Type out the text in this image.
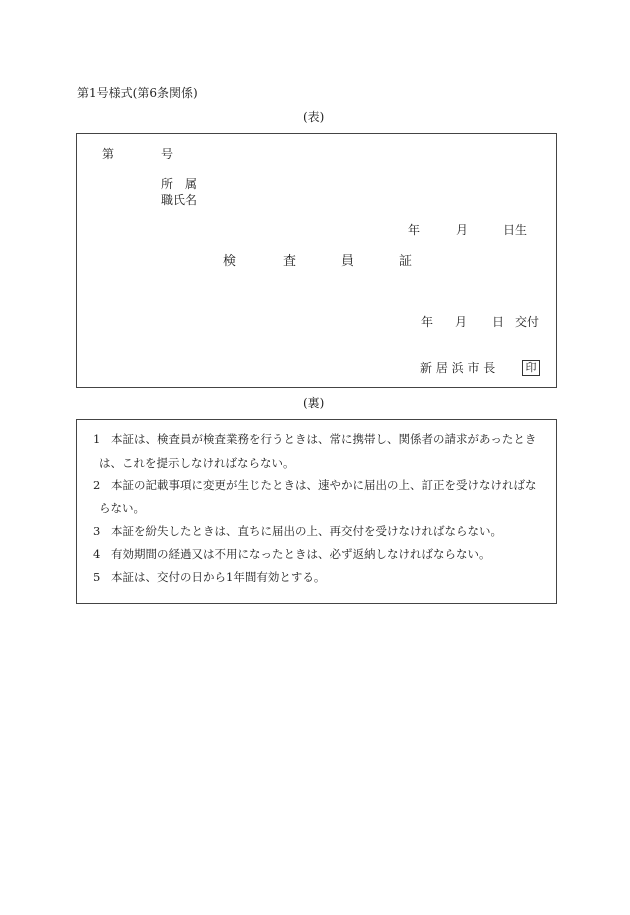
第1号様式(第6条関係)
(表)
第	号
所　属
職氏名
年	月	日生
検	査	員	証
年 月 日 交付
新 居 浜 市 長	印
(裏)
1 本証は、検査員が検査業務を行うときは、常に携帯し、関係者の請求があったとき
は、これを提示しなければならない。
2 本証の記載事項に変更が生じたときは、速やかに届出の上、訂正を受けなければな
らない。
3 本証を紛失したときは、直ちに届出の上、再交付を受けなければならない。
4 有効期間の経過又は不用になったときは、必ず返納しなければならない。
5 本証は、交付の日から1年間有効とする。
